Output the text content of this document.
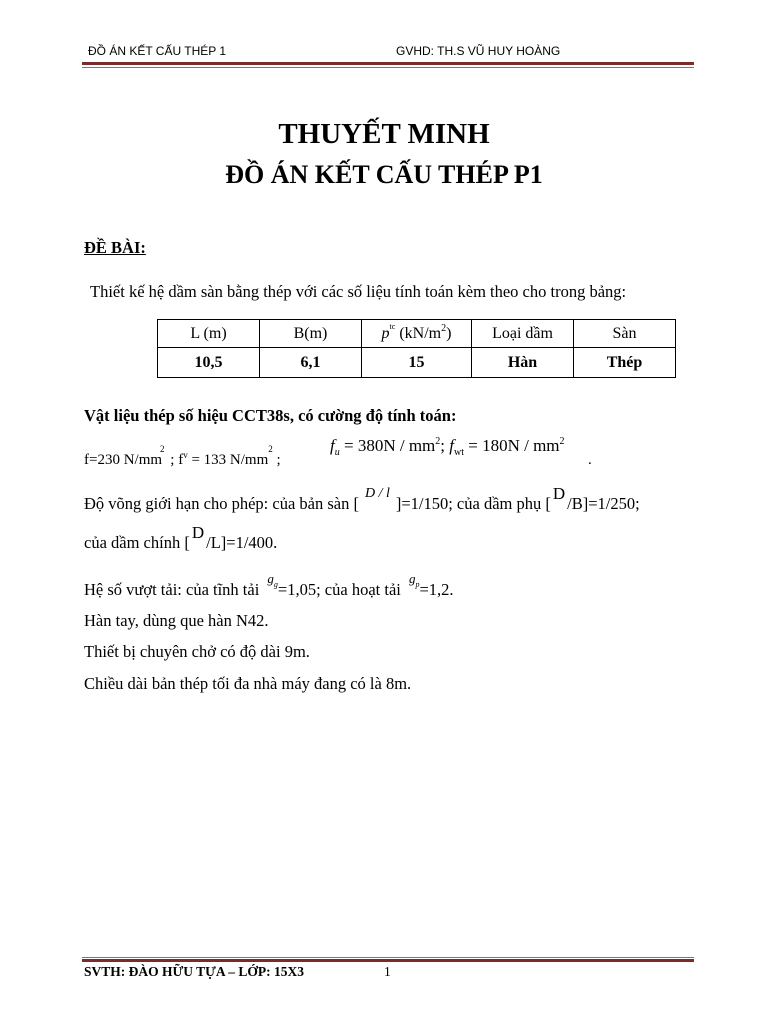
ĐỒ ÁN KẾT CẤU THÉP 1	GVHD: TH.S VŨ HUY HOÀNG
THUYẾT MINH
ĐỒ ÁN KẾT CẤU THÉP P1
ĐỀ BÀI:
Thiết kế hệ dầm sàn bằng thép với các số liệu tính toán kèm theo cho trong bảng:
L (m)	B(m)	$p^{tc}$ $(kN/m^2)$	Loại dầm	Sàn
10,5	6,1	15	Hàn	Thép
Vật liệu thép số hiệu CCT38s, có cường độ tính toán:
f=230 $N/mm^2$ ; $f^v = 133$ $N/mm^2$ ;
$f_u = 380N / mm^2$; $f_{wt} = 180N / mm^2$
.
Độ võng giới hạn cho phép: của bản sàn [$^{D / l}$]=1/150; của dầm phụ [D/B]=1/250;
của dầm chính [D/L]=1/400.
Hệ số vượt tải: của tĩnh tải $^{gg}$=1,05; của hoạt tải $^{gp}$=1,2.
Hàn tay, dùng que hàn N42.
Thiết bị chuyên chở có độ dài 9m.
Chiều dài bản thép tối đa nhà máy đang có là 8m.
SVTH: ĐÀO HỮU TỰA – LỚP: 15X3	1
